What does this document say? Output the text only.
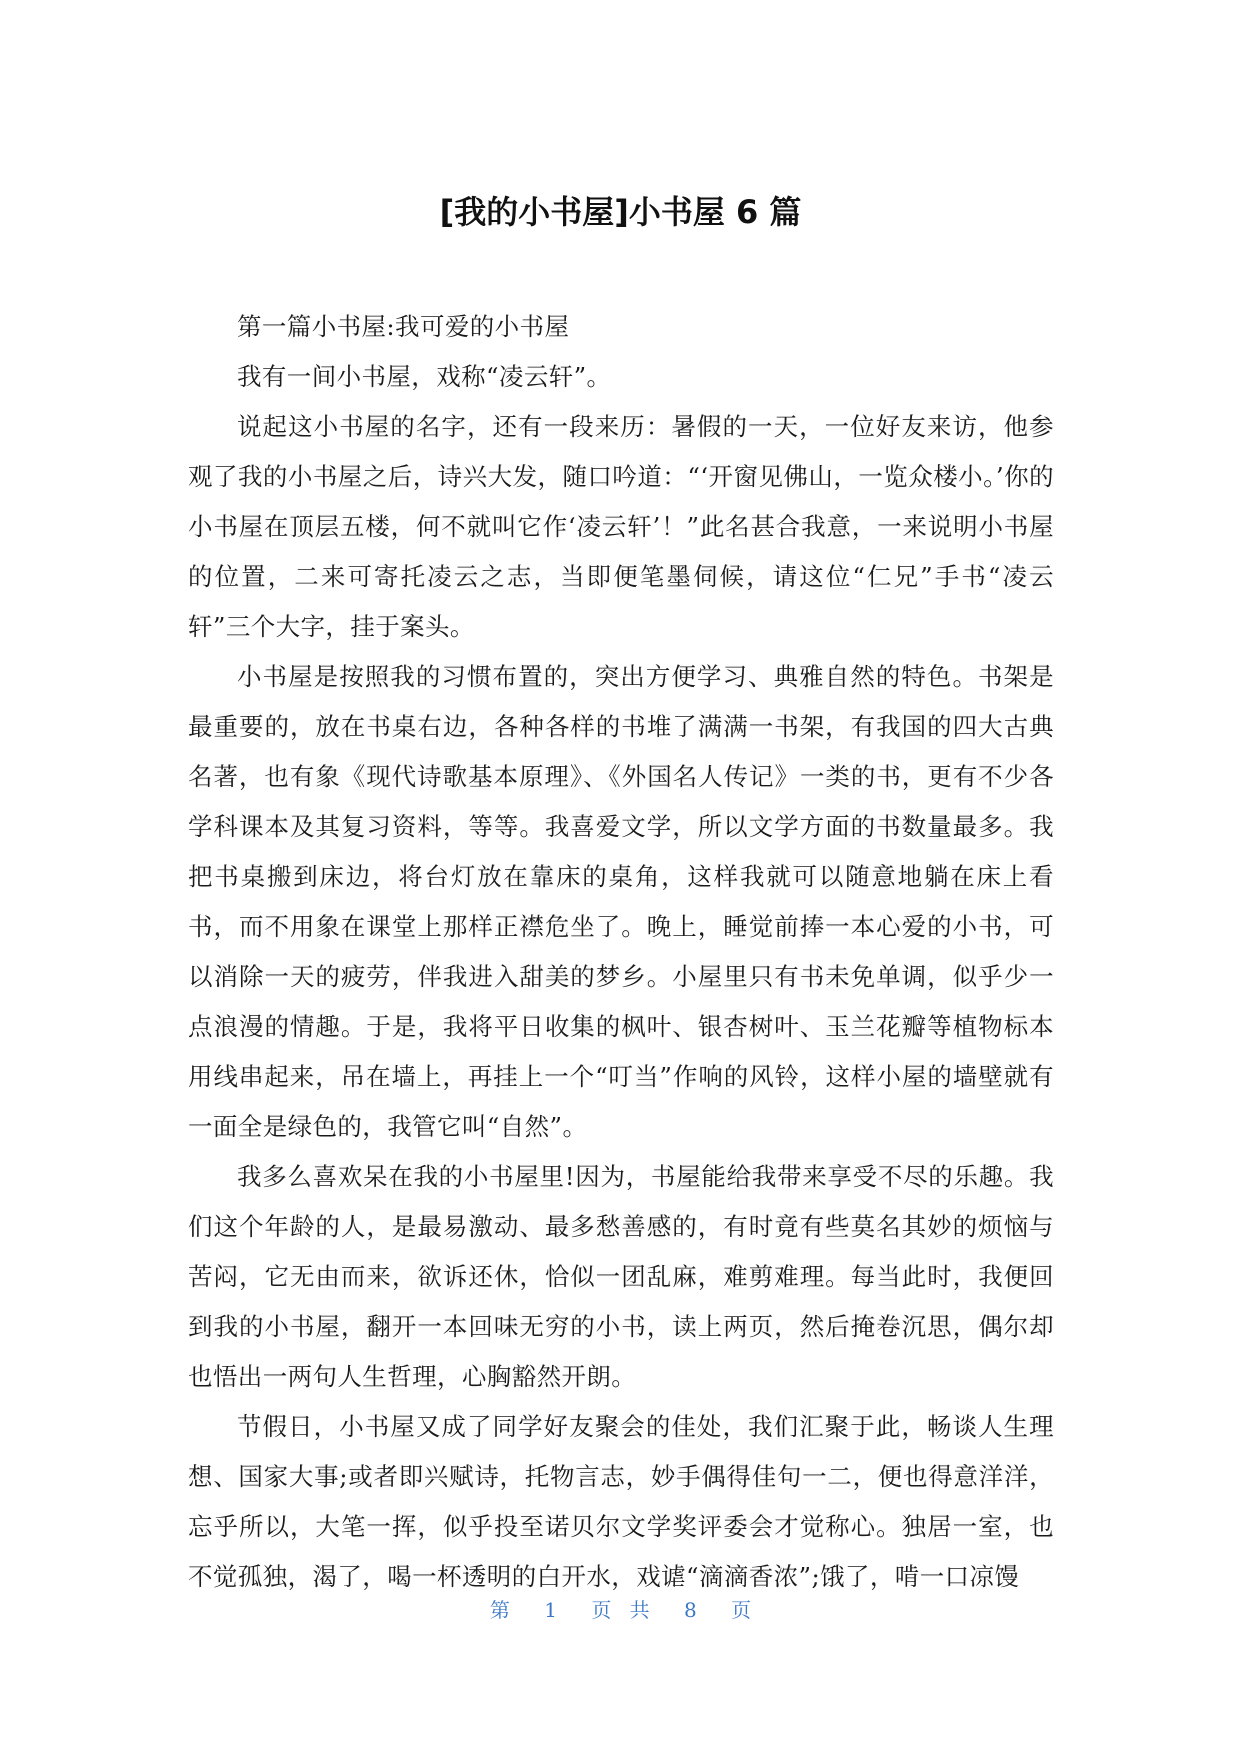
[我的小书屋]小书屋 6 篇

第一篇小书屋:我可爱的小书屋

我有一间小书屋，戏称“凌云轩”。

说起这小书屋的名字，还有一段来历：暑假的一天，一位好友来访，他参观了我的小书屋之后，诗兴大发，随口吟道：“‘开窗见佛山，一览众楼小。’你的小书屋在顶层五楼，何不就叫它作‘凌云轩’！”此名甚合我意，一来说明小书屋的位置，二来可寄托凌云之志，当即便笔墨伺候，请这位“仁兄”手书“凌云轩”三个大字，挂于案头。

小书屋是按照我的习惯布置的，突出方便学习、典雅自然的特色。书架是最重要的，放在书桌右边，各种各样的书堆了满满一书架，有我国的四大古典名著，也有象《现代诗歌基本原理》、《外国名人传记》一类的书，更有不少各学科课本及其复习资料，等等。我喜爱文学，所以文学方面的书数量最多。我把书桌搬到床边，将台灯放在靠床的桌角，这样我就可以随意地躺在床上看书，而不用象在课堂上那样正襟危坐了。晚上，睡觉前捧一本心爱的小书，可以消除一天的疲劳，伴我进入甜美的梦乡。小屋里只有书未免单调，似乎少一点浪漫的情趣。于是，我将平日收集的枫叶、银杏树叶、玉兰花瓣等植物标本用线串起来，吊在墙上，再挂上一个“叮当”作响的风铃，这样小屋的墙壁就有一面全是绿色的，我管它叫“自然”。

我多么喜欢呆在我的小书屋里!因为，书屋能给我带来享受不尽的乐趣。我们这个年龄的人，是最易激动、最多愁善感的，有时竟有些莫名其妙的烦恼与苦闷，它无由而来，欲诉还休，恰似一团乱麻，难剪难理。每当此时，我便回到我的小书屋，翻开一本回味无穷的小书，读上两页，然后掩卷沉思，偶尔却也悟出一两句人生哲理，心胸豁然开朗。

节假日，小书屋又成了同学好友聚会的佳处，我们汇聚于此，畅谈人生理想、国家大事;或者即兴赋诗，托物言志，妙手偶得佳句一二，便也得意洋洋，忘乎所以，大笔一挥，似乎投至诺贝尔文学奖评委会才觉称心。独居一室，也不觉孤独，渴了，喝一杯透明的白开水，戏谑“滴滴香浓”;饿了，啃一口凉馒

第 1 页 共 8 页
